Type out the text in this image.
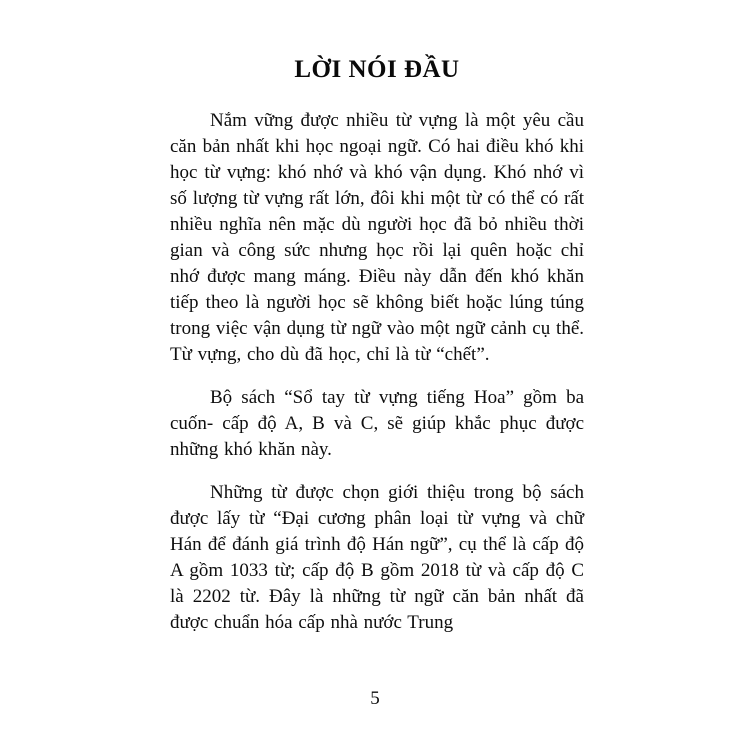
LỜI NÓI ĐẦU

Nắm vững được nhiều từ vựng là một yêu cầu căn bản nhất khi học ngoại ngữ. Có hai điều khó khi học từ vựng: khó nhớ và khó vận dụng. Khó nhớ vì số lượng từ vựng rất lớn, đôi khi một từ có thể có rất nhiều nghĩa nên mặc dù người học đã bỏ nhiều thời gian và công sức nhưng học rồi lại quên hoặc chỉ nhớ được mang máng. Điều này dẫn đến khó khăn tiếp theo là người học sẽ không biết hoặc lúng túng trong việc vận dụng từ ngữ vào một ngữ cảnh cụ thể. Từ vựng, cho dù đã học, chỉ là từ “chết”.

Bộ sách “Sổ tay từ vựng tiếng Hoa” gồm ba cuốn- cấp độ A, B và C, sẽ giúp khắc phục được những khó khăn này.

Những từ được chọn giới thiệu trong bộ sách được lấy từ “Đại cương phân loại từ vựng và chữ Hán để đánh giá trình độ Hán ngữ”, cụ thể là cấp độ A gồm 1033 từ; cấp độ B gồm 2018 từ và cấp độ C là 2202 từ. Đây là những từ ngữ căn bản nhất đã được chuẩn hóa cấp nhà nước Trung

5
